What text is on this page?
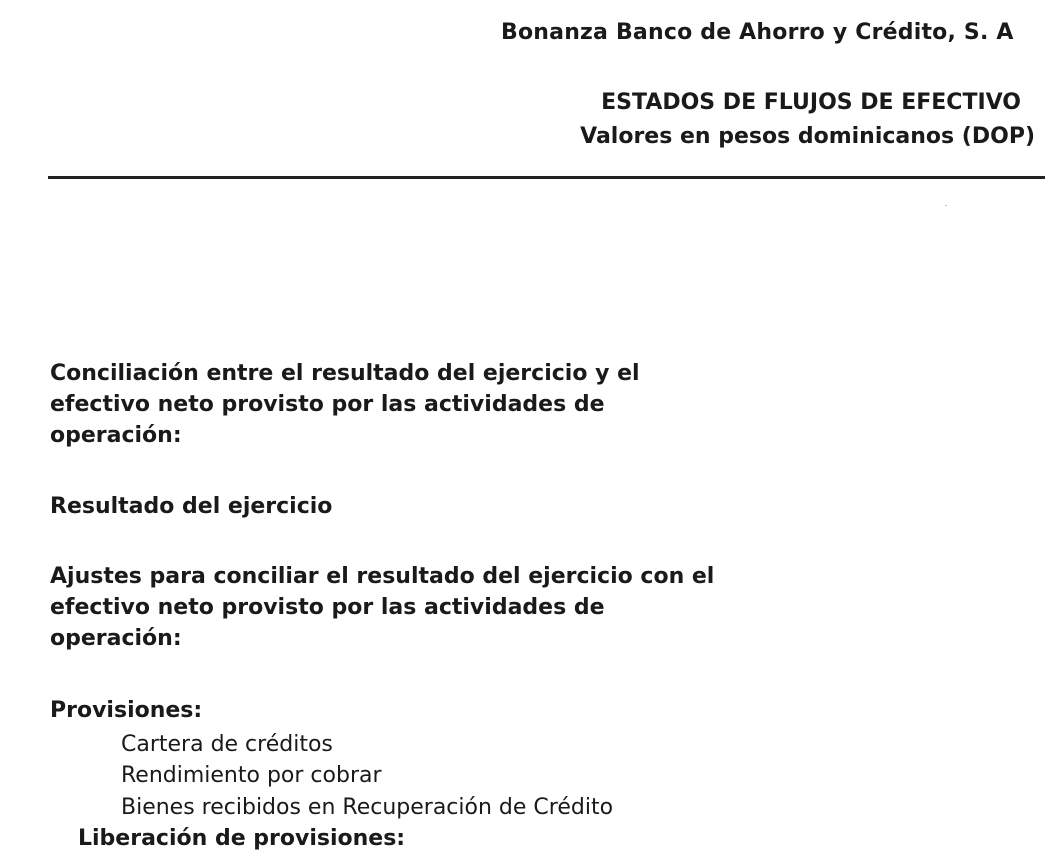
Bonanza Banco de Ahorro y Crédito, S. A
ESTADOS DE FLUJOS DE EFECTIVO
Valores en pesos dominicanos (DOP)
Conciliación entre el resultado del ejercicio y el
efectivo neto provisto por las actividades de
operación:
Resultado del ejercicio
Ajustes para conciliar el resultado del ejercicio con el
efectivo neto provisto por las actividades de
operación:
Provisiones:
Cartera de créditos
Rendimiento por cobrar
Bienes recibidos en Recuperación de Crédito
Liberación de provisiones:
